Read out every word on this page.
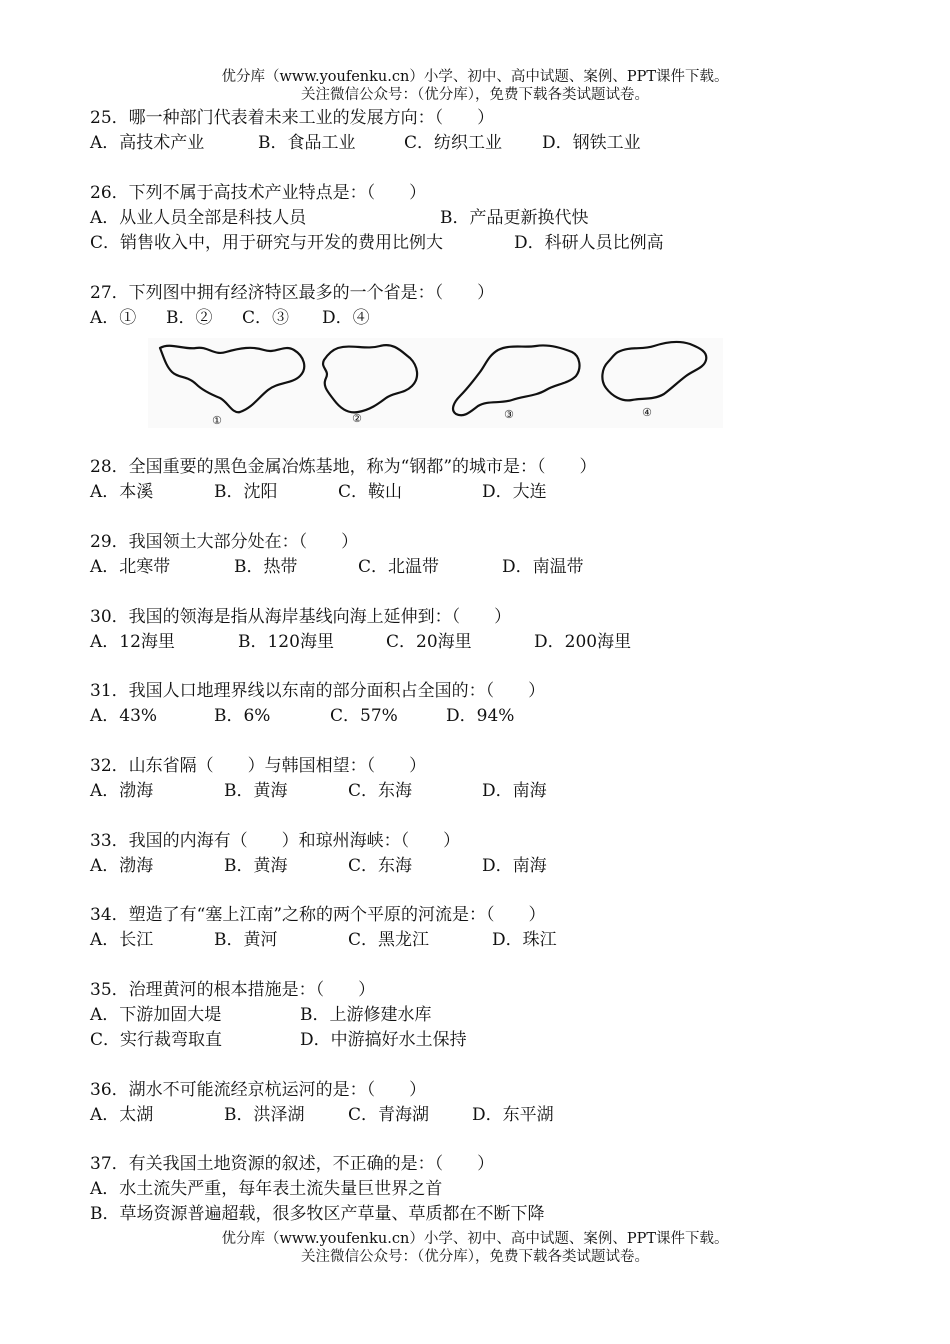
优分库（www.youfenku.cn）小学、初中、高中试题、案例、PPT课件下载。
关注微信公众号：（优分库），免费下载各类试题试卷。
25．哪一种部门代表着未来工业的发展方向：（　　）
A．高技术产业	B．食品工业	C．纺织工业 D．钢铁工业
26．下列不属于高技术产业特点是：（　　）
A．从业人员全部是科技人员	B．产品更新换代快
C．销售收入中，用于研究与开发的费用比例大	D．科研人员比例高
27．下列图中拥有经济特区最多的一个省是：（　　）
A．① B．② C．③ D．④
①	②	③	④
28．全国重要的黑色金属冶炼基地，称为“钢都”的城市是：（　　）
A．本溪	B．沈阳	C．鞍山	D．大连
29．我国领土大部分处在：（　　）
A．北寒带	B．热带	C．北温带	D．南温带
30．我国的领海是指从海岸基线向海上延伸到：（　　）
A．12海里	B．120海里	C．20海里	D．200海里
31．我国人口地理界线以东南的部分面积占全国的：（　　）
A．43%	B．6%	C．57%	D．94%
32．山东省隔（　　）与韩国相望：（　　）
A．渤海	B．黄海	C．东海	D．南海
33．我国的内海有（　　）和琼州海峡：（　　）
A．渤海	B．黄海	C．东海	D．南海
34．塑造了有“塞上江南”之称的两个平原的河流是：（　　）
A．长江	B．黄河	C．黑龙江	D．珠江
35．治理黄河的根本措施是：（　　）
A．下游加固大堤	B．上游修建水库
C．实行裁弯取直	D．中游搞好水土保持
36．湖水不可能流经京杭运河的是：（　　）
A．太湖	B．洪泽湖	C．青海湖	D．东平湖
37．有关我国土地资源的叙述，不正确的是：（　　）
A．水土流失严重，每年表土流失量巨世界之首
B．草场资源普遍超载，很多牧区产草量、草质都在不断下降
优分库（www.youfenku.cn）小学、初中、高中试题、案例、PPT课件下载。
关注微信公众号：（优分库），免费下载各类试题试卷。
